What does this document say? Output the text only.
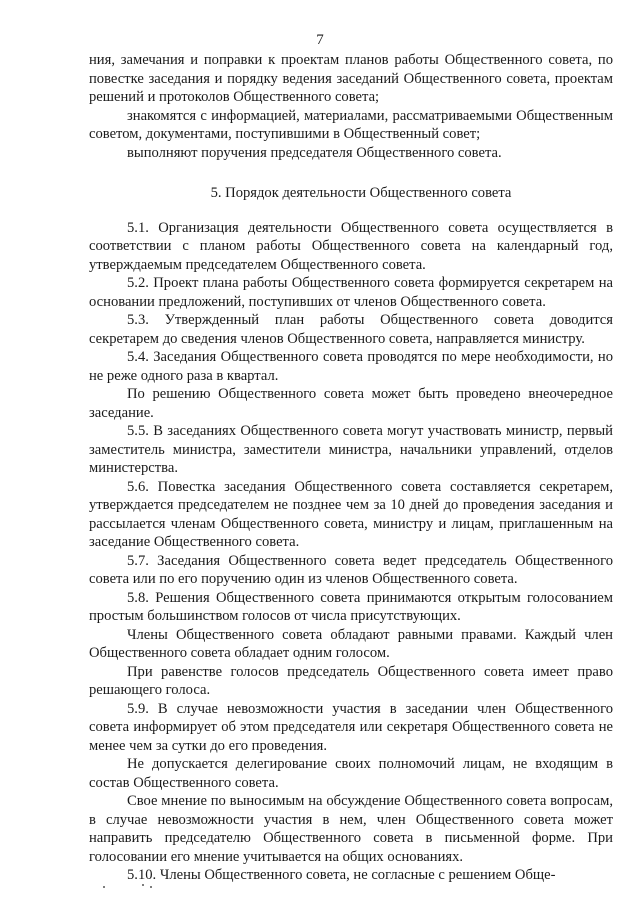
7

ния, замечания и поправки к проектам планов работы Общественного совета, по повестке заседания и порядку ведения заседаний Общественного совета, проектам решений и протоколов Общественного совета;

знакомятся с информацией, материалами, рассматриваемыми Общественным советом, документами, поступившими в Общественный совет;

выполняют поручения председателя Общественного совета.

5. Порядок деятельности Общественного совета

5.1. Организация деятельности Общественного совета осуществляется в соответствии с планом работы Общественного совета на календарный год, утверждаемым председателем Общественного совета.

5.2. Проект плана работы Общественного совета формируется секретарем на основании предложений, поступивших от членов Общественного совета.

5.3. Утвержденный план работы Общественного совета доводится секретарем до сведения членов Общественного совета, направляется министру.

5.4. Заседания Общественного совета проводятся по мере необходимости, но не реже одного раза в квартал.

По решению Общественного совета может быть проведено внеочередное заседание.

5.5. В заседаниях Общественного совета могут участвовать министр, первый заместитель министра, заместители министра, начальники управлений, отделов министерства.

5.6. Повестка заседания Общественного совета составляется секретарем, утверждается председателем не позднее чем за 10 дней до проведения заседания и рассылается членам Общественного совета, министру и лицам, приглашенным на заседание Общественного совета.

5.7. Заседания Общественного совета ведет председатель Общественного совета или по его поручению один из членов Общественного совета.

5.8. Решения Общественного совета принимаются открытым голосованием простым большинством голосов от числа присутствующих.

Члены Общественного совета обладают равными правами. Каждый член Общественного совета обладает одним голосом.

При равенстве голосов председатель Общественного совета имеет право решающего голоса.

5.9. В случае невозможности участия в заседании член Общественного совета информирует об этом председателя или секретаря Общественного совета не менее чем за сутки до его проведения.

Не допускается делегирование своих полномочий лицам, не входящим в состав Общественного совета.

Свое мнение по выносимым на обсуждение Общественного совета вопросам, в случае невозможности участия в нем, член Общественного совета может направить председателю Общественного совета в письменной форме. При голосовании его мнение учитывается на общих основаниях.

5.10. Члены Общественного совета, не согласные с решением Обще-
